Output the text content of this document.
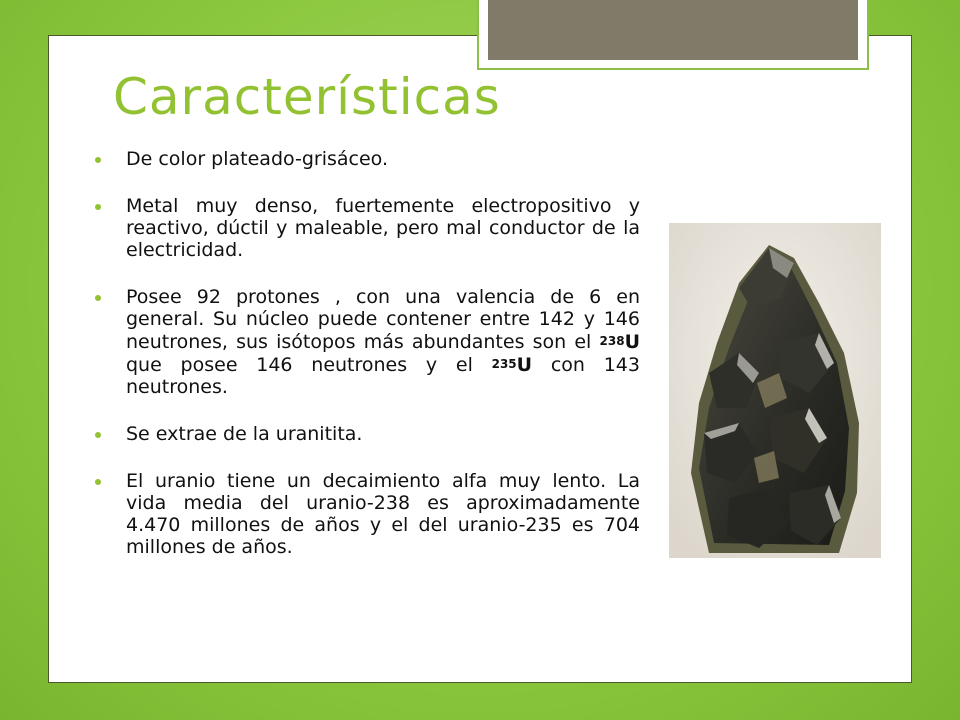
Características
De color plateado-grisáceo.
Metal muy denso, fuertemente electropositivo y reactivo, dúctil y maleable, pero mal conductor de la electricidad.
Posee 92 protones , con una valencia de 6 en general. Su núcleo puede contener entre 142 y 146 neutrones, sus isótopos más abundantes son el 238U que posee 146 neutrones y el 235U con 143 neutrones.
Se extrae de la uranitita.
El uranio tiene un decaimiento alfa muy lento. La vida media del uranio-238 es aproximadamente 4.470 millones de años y el del uranio-235 es 704 millones de años.
